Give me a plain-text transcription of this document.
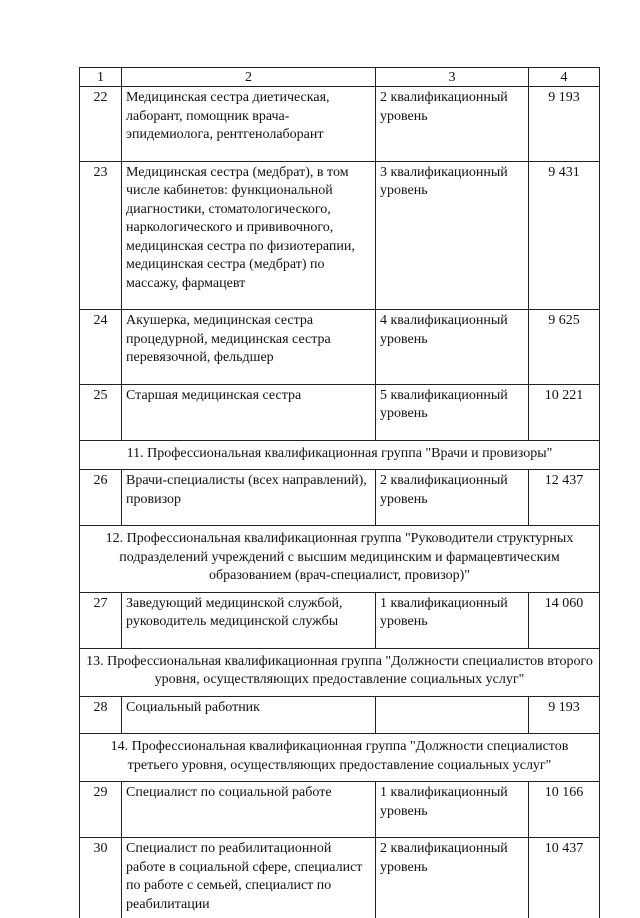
1	2	3	4
22	Медицинская сестра диетическая, лаборант, помощник врача-эпидемиолога, рентгенолаборант	2 квалификационный уровень	9 193
23	Медицинская сестра (медбрат), в том числе кабинетов: функциональной диагностики, стоматологического, наркологического и прививочного, медицинская сестра по физиотерапии, медицинская сестра (медбрат) по массажу, фармацевт	3 квалификационный уровень	9 431
24	Акушерка, медицинская сестра процедурной, медицинская сестра перевязочной, фельдшер	4 квалификационный уровень	9 625
25	Старшая медицинская сестра	5 квалификационный уровень	10 221
11. Профессиональная квалификационная группа "Врачи и провизоры"			
26	Врачи-специалисты (всех направлений), провизор	2 квалификационный уровень	12 437
12. Профессиональная квалификационная группа "Руководители структурных подразделений учреждений с высшим медицинским и фармацевтическим образованием (врач-специалист, провизор)"			
27	Заведующий медицинской службой, руководитель медицинской службы	1 квалификационный уровень	14 060
13. Профессиональная квалификационная группа "Должности специалистов второго уровня, осуществляющих предоставление социальных услуг"			
28	Социальный работник		9 193
14. Профессиональная квалификационная группа "Должности специалистов третьего уровня, осуществляющих предоставление социальных услуг"			
29	Специалист по социальной работе	1 квалификационный уровень	10 166
30	Специалист по реабилитационной работе в социальной сфере, специалист по работе с семьей, специалист по реабилитации	2 квалификационный уровень	10 437
